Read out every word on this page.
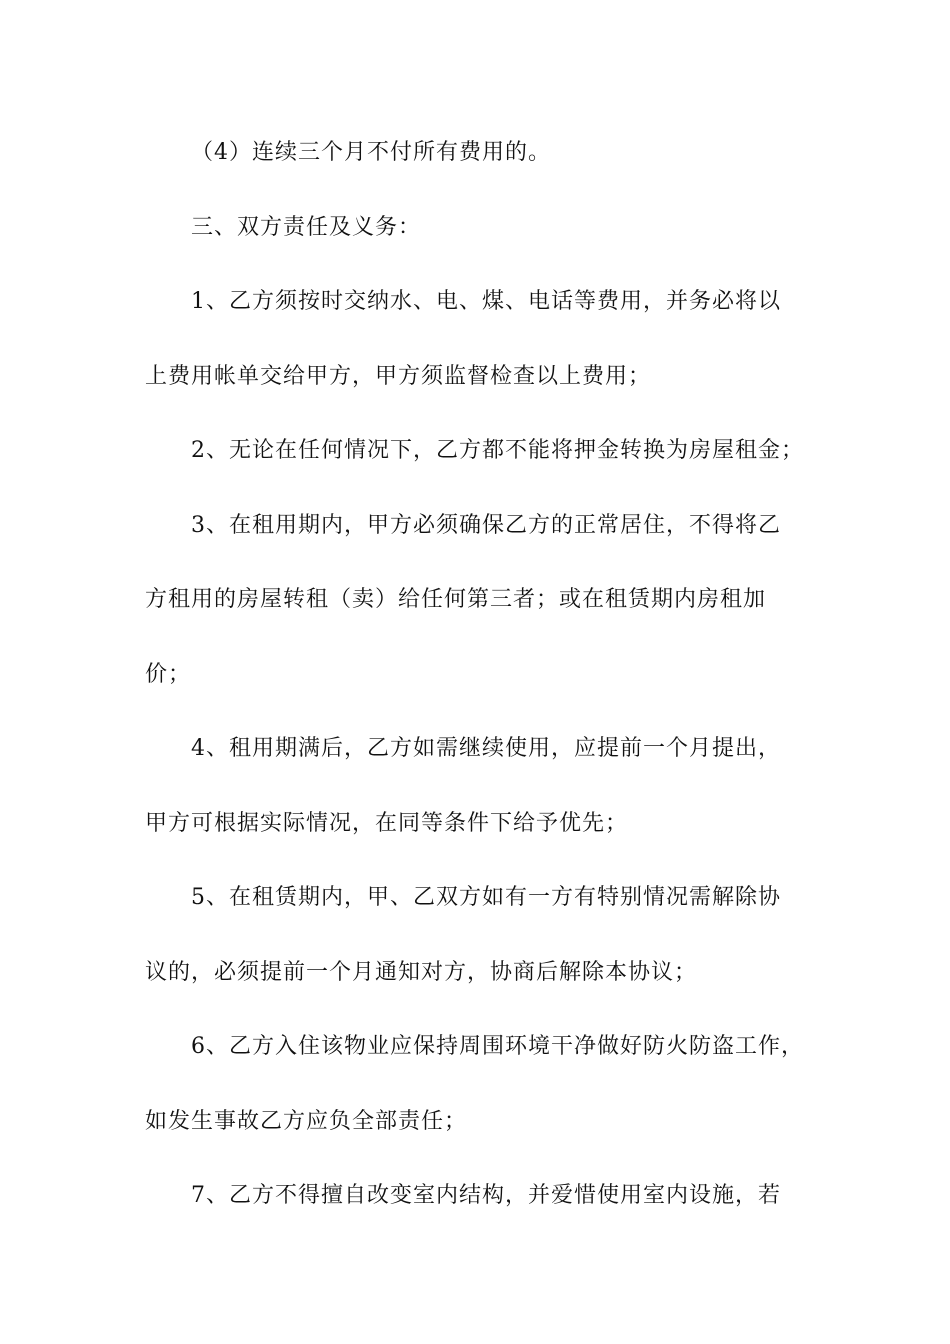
（4）连续三个月不付所有费用的。
三、双方责任及义务：
1、乙方须按时交纳水、电、煤、电话等费用，并务必将以
上费用帐单交给甲方，甲方须监督检查以上费用；
2、无论在任何情况下，乙方都不能将押金转换为房屋租金；
3、在租用期内，甲方必须确保乙方的正常居住，不得将乙
方租用的房屋转租（卖）给任何第三者；或在租赁期内房租加
价；
4、租用期满后，乙方如需继续使用，应提前一个月提出，
甲方可根据实际情况，在同等条件下给予优先；
5、在租赁期内，甲、乙双方如有一方有特别情况需解除协
议的，必须提前一个月通知对方，协商后解除本协议；
6、乙方入住该物业应保持周围环境干净做好防火防盗工作，
如发生事故乙方应负全部责任；
7、乙方不得擅自改变室内结构，并爱惜使用室内设施，若
